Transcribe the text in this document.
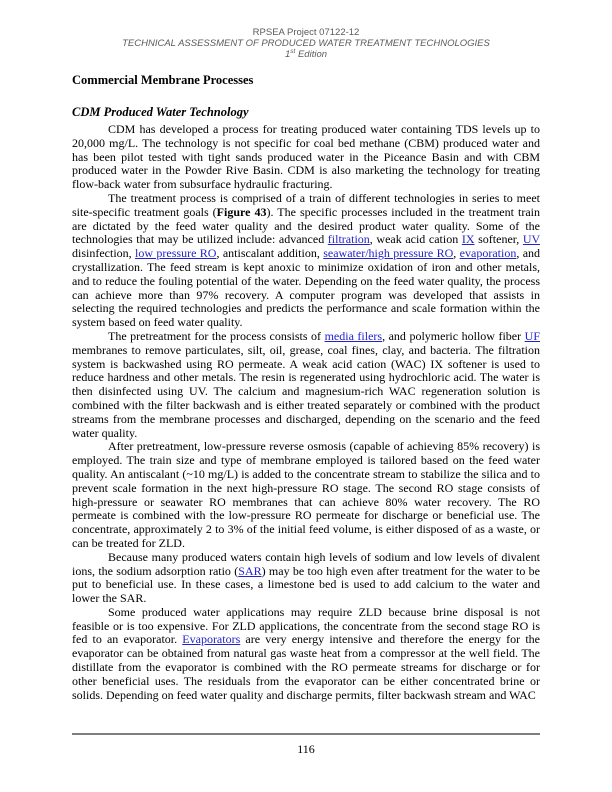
RPSEA Project 07122-12
TECHNICAL ASSESSMENT OF PRODUCED WATER TREATMENT TECHNOLOGIES
1st Edition
Commercial Membrane Processes
CDM Produced Water Technology

CDM has developed a process for treating produced water containing TDS levels up to 20,000 mg/L. The technology is not specific for coal bed methane (CBM) produced water and has been pilot tested with tight sands produced water in the Piceance Basin and with CBM produced water in the Powder Rive Basin. CDM is also marketing the technology for treating flow-back water from subsurface hydraulic fracturing.

The treatment process is comprised of a train of different technologies in series to meet site-specific treatment goals (Figure 43). The specific processes included in the treatment train are dictated by the feed water quality and the desired product water quality. Some of the technologies that may be utilized include: advanced filtration, weak acid cation IX softener, UV disinfection, low pressure RO, antiscalant addition, seawater/high pressure RO, evaporation, and crystallization. The feed stream is kept anoxic to minimize oxidation of iron and other metals, and to reduce the fouling potential of the water. Depending on the feed water quality, the process can achieve more than 97% recovery. A computer program was developed that assists in selecting the required technologies and predicts the performance and scale formation within the system based on feed water quality.

The pretreatment for the process consists of media filers, and polymeric hollow fiber UF membranes to remove particulates, silt, oil, grease, coal fines, clay, and bacteria. The filtration system is backwashed using RO permeate. A weak acid cation (WAC) IX softener is used to reduce hardness and other metals. The resin is regenerated using hydrochloric acid. The water is then disinfected using UV. The calcium and magnesium-rich WAC regeneration solution is combined with the filter backwash and is either treated separately or combined with the product streams from the membrane processes and discharged, depending on the scenario and the feed water quality.

After pretreatment, low-pressure reverse osmosis (capable of achieving 85% recovery) is employed. The train size and type of membrane employed is tailored based on the feed water quality. An antiscalant (~10 mg/L) is added to the concentrate stream to stabilize the silica and to prevent scale formation in the next high-pressure RO stage. The second RO stage consists of high-pressure or seawater RO membranes that can achieve 80% water recovery. The RO permeate is combined with the low-pressure RO permeate for discharge or beneficial use. The concentrate, approximately 2 to 3% of the initial feed volume, is either disposed of as a waste, or can be treated for ZLD.

Because many produced waters contain high levels of sodium and low levels of divalent ions, the sodium adsorption ratio (SAR) may be too high even after treatment for the water to be put to beneficial use. In these cases, a limestone bed is used to add calcium to the water and lower the SAR.

Some produced water applications may require ZLD because brine disposal is not feasible or is too expensive. For ZLD applications, the concentrate from the second stage RO is fed to an evaporator. Evaporators are very energy intensive and therefore the energy for the evaporator can be obtained from natural gas waste heat from a compressor at the well field. The distillate from the evaporator is combined with the RO permeate streams for discharge or for other beneficial uses. The residuals from the evaporator can be either concentrated brine or solids. Depending on feed water quality and discharge permits, filter backwash stream and WAC

116
